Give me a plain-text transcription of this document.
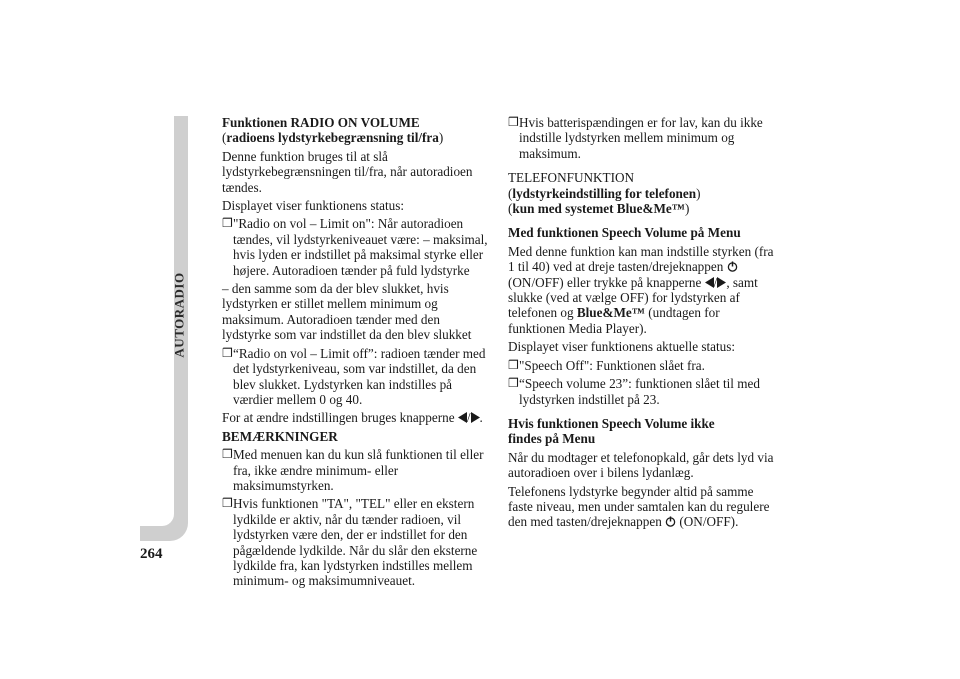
AUTORADIO
264

Funktionen RADIO ON VOLUME

(radioens lydstyrkebegrænsning til/fra)

Denne funktion bruges til at slå lydstyrkebegrænsningen til/fra, når autoradioen tændes.

Displayet viser funktionens status:

❒ "Radio on vol – Limit on": Når autoradioen tændes, vil lydstyrkeniveauet være: – maksimal, hvis lyden er indstillet på maksimal styrke eller højere. Autoradioen tænder på fuld lydstyrke

– den samme som da der blev slukket, hvis lydstyrken er stillet mellem minimum og maksimum. Autoradioen tænder med den lydstyrke som var indstillet da den blev slukket

❒ “Radio on vol – Limit off”: radioen tænder med det lydstyrkeniveau, som var indstillet, da den blev slukket. Lydstyrken kan indstilles på værdier mellem 0 og 40.

For at ændre indstillingen bruges knapperne / .

BEMÆRKNINGER

❒ Med menuen kan du kun slå funktionen til eller fra, ikke ændre minimum- eller maksimumstyrken.
❒ Hvis funktionen "TA", "TEL" eller en ekstern lydkilde er aktiv, når du tænder radioen, vil lydstyrken være den, der er indstillet for den pågældende lydkilde. Når du slår den eksterne lydkilde fra, kan lydstyrken indstilles mellem minimum- og maksimumniveauet.
❒ Hvis batterispændingen er for lav, kan du ikke indstille lydstyrken mellem minimum og maksimum.

TELEFONFUNKTION

(lydstyrkeindstilling for telefonen)

(kun med systemet Blue&Me™)

Med funktionen Speech Volume på Menu

Med denne funktion kan man indstille styrken (fra 1 til 40) ved at dreje tasten/drejeknappen  (ON/OFF) eller trykke på knapperne / , samt slukke (ved at vælge OFF) for lydstyrken af telefonen og Blue&Me™ (undtagen for funktionen Media Player).

Displayet viser funktionens aktuelle status:

❒ "Speech Off": Funktionen slået fra.
❒ “Speech volume 23”: funktionen slået til med lydstyrken indstillet på 23.

Hvis funktionen Speech Volume ikke

findes på Menu

Når du modtager et telefonopkald, går dets lyd via autoradioen over i bilens lydanlæg.

Telefonens lydstyrke begynder altid på samme faste niveau, men under samtalen kan du regulere den med tasten/drejeknappen (ON/OFF).
